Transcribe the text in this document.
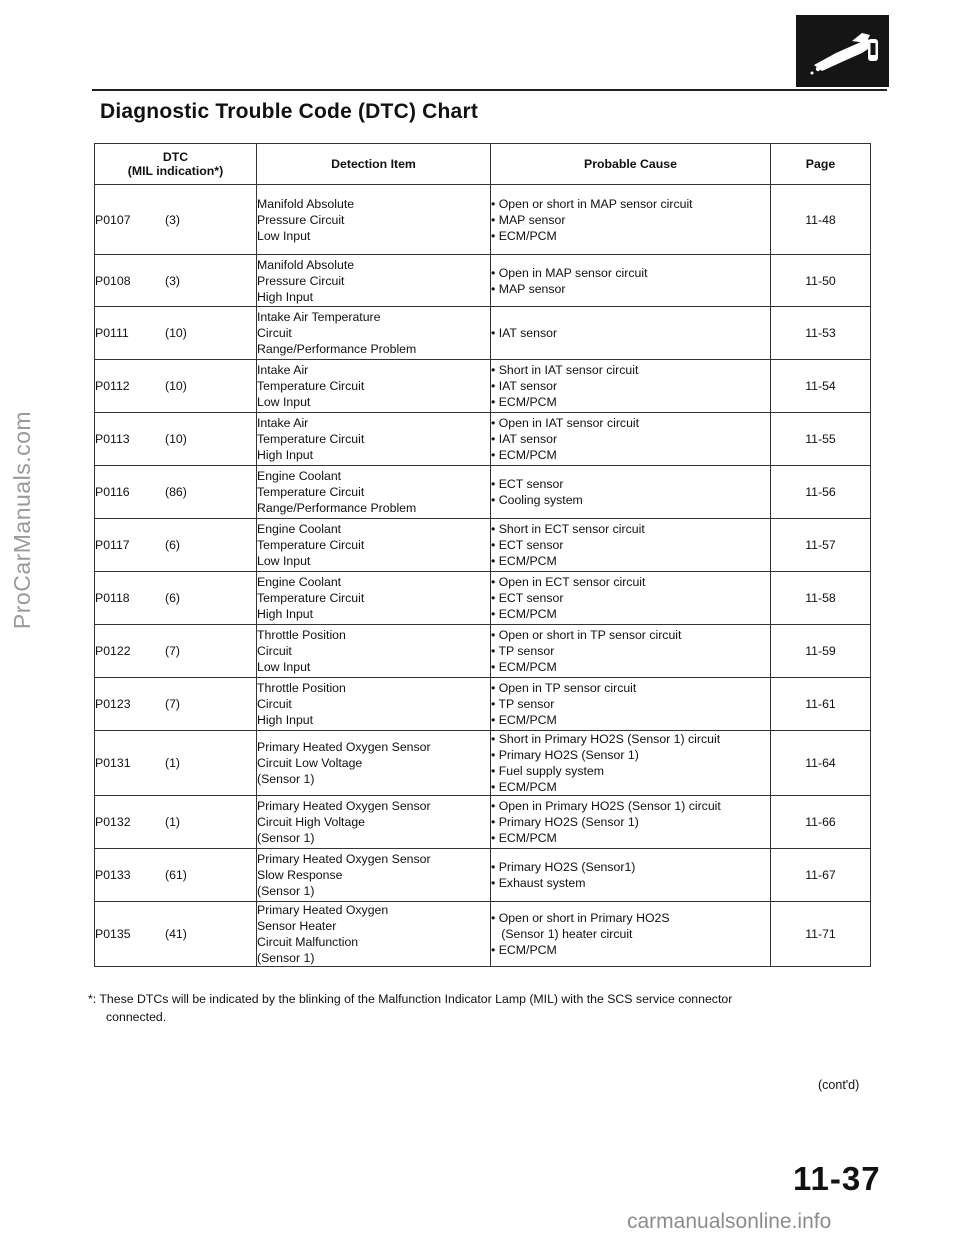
ProCarManuals.com
Diagnostic Trouble Code (DTC) Chart
DTC
(MIL indication*)	Detection Item	Probable Cause	Page
P0107 (3)	Manifold Absolute
Pressure Circuit
Low Input	• Open or short in MAP sensor circuit
• MAP sensor
• ECM/PCM	11-48
P0108 (3)	Manifold Absolute
Pressure Circuit
High Input	• Open in MAP sensor circuit
• MAP sensor	11-50
P0111 (10)	Intake Air Temperature
Circuit
Range/Performance Problem	• IAT sensor	11-53
P0112 (10)	Intake Air
Temperature Circuit
Low Input	• Short in IAT sensor circuit
• IAT sensor
• ECM/PCM	11-54
P0113 (10)	Intake Air
Temperature Circuit
High Input	• Open in IAT sensor circuit
• IAT sensor
• ECM/PCM	11-55
P0116 (86)	Engine Coolant
Temperature Circuit
Range/Performance Problem	• ECT sensor
• Cooling system	11-56
P0117 (6)	Engine Coolant
Temperature Circuit
Low Input	• Short in ECT sensor circuit
• ECT sensor
• ECM/PCM	11-57
P0118 (6)	Engine Coolant
Temperature Circuit
High Input	• Open in ECT sensor circuit
• ECT sensor
• ECM/PCM	11-58
P0122 (7)	Throttle Position
Circuit
Low Input	• Open or short in TP sensor circuit
• TP sensor
• ECM/PCM	11-59
P0123 (7)	Throttle Position
Circuit
High Input	• Open in TP sensor circuit
• TP sensor
• ECM/PCM	11-61
P0131 (1)	Primary Heated Oxygen Sensor
Circuit Low Voltage
(Sensor 1)	• Short in Primary HO2S (Sensor 1) circuit
• Primary HO2S (Sensor 1)
• Fuel supply system
• ECM/PCM	11-64
P0132 (1)	Primary Heated Oxygen Sensor
Circuit High Voltage
(Sensor 1)	• Open in Primary HO2S (Sensor 1) circuit
• Primary HO2S (Sensor 1)
• ECM/PCM	11-66
P0133 (61)	Primary Heated Oxygen Sensor
Slow Response
(Sensor 1)	• Primary HO2S (Sensor1)
• Exhaust system	11-67
P0135 (41)	Primary Heated Oxygen
Sensor Heater
Circuit Malfunction
(Sensor 1)	• Open or short in Primary HO2S
(Sensor 1) heater circuit
• ECM/PCM	11-71
*: These DTCs will be indicated by the blinking of the Malfunction Indicator Lamp (MIL) with the SCS service connector
connected.
(cont'd)
11-37
carmanualsonline.info
